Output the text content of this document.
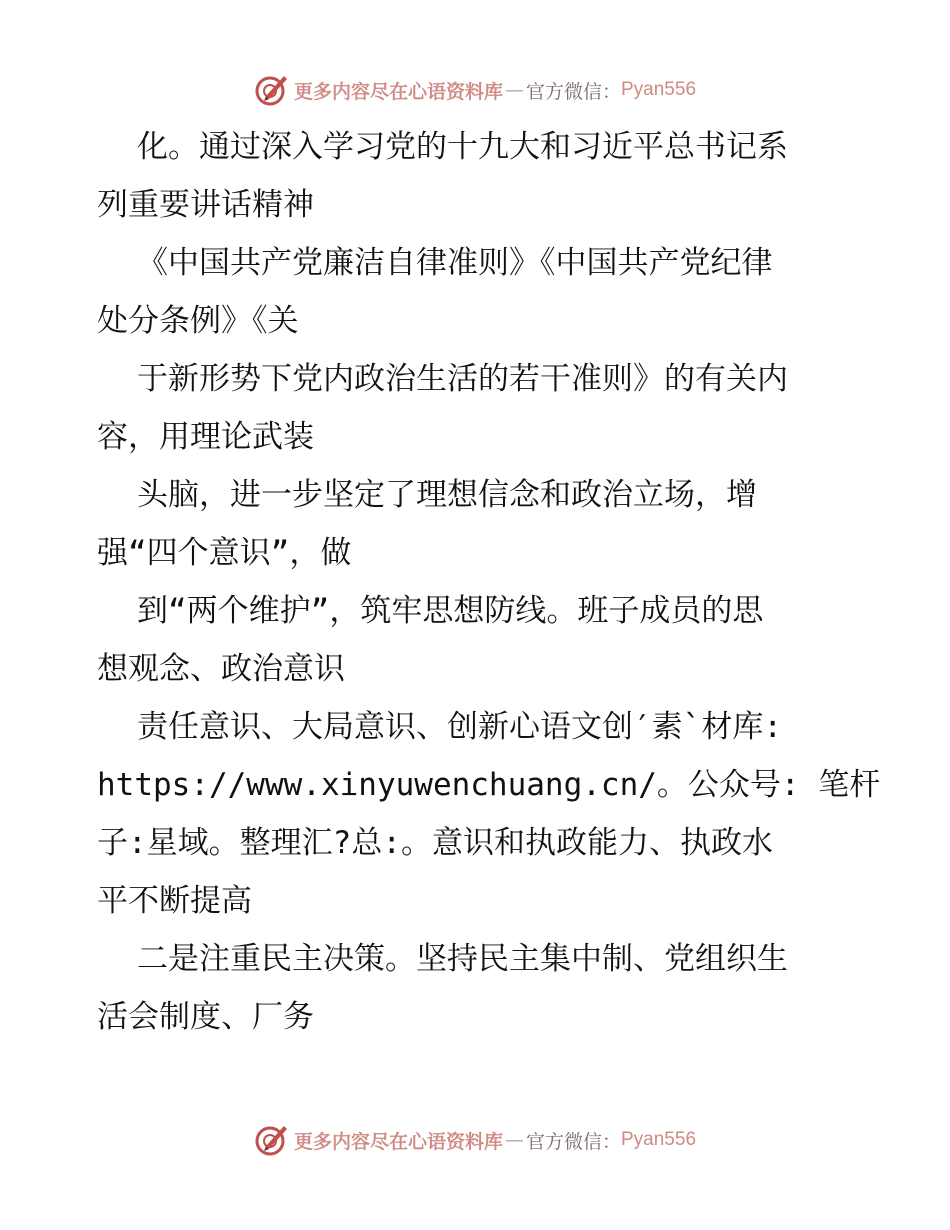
更多内容尽在心语资料库 — 官方微信： Pyan556
化。通过深入学习党的十九大和习近平总书记系
列重要讲话精神
《中国共产党廉洁自律准则》《中国共产党纪律
处分条例》《关
于新形势下党内政治生活的若干准则》的有关内
容，用理论武装
头脑，进一步坚定了理想信念和政治立场，增
强“四个意识”，做
到“两个维护”，筑牢思想防线。班子成员的思
想观念、政治意识
责任意识、大局意识、创新心语文创′素`材库:
https://www.xinyuwenchuang.cn/。公众号: 笔杆
子:星域。整理汇?总:。意识和执政能力、执政水
平不断提高
二是注重民主决策。坚持民主集中制、党组织生
活会制度、厂务
更多内容尽在心语资料库 — 官方微信： Pyan556
